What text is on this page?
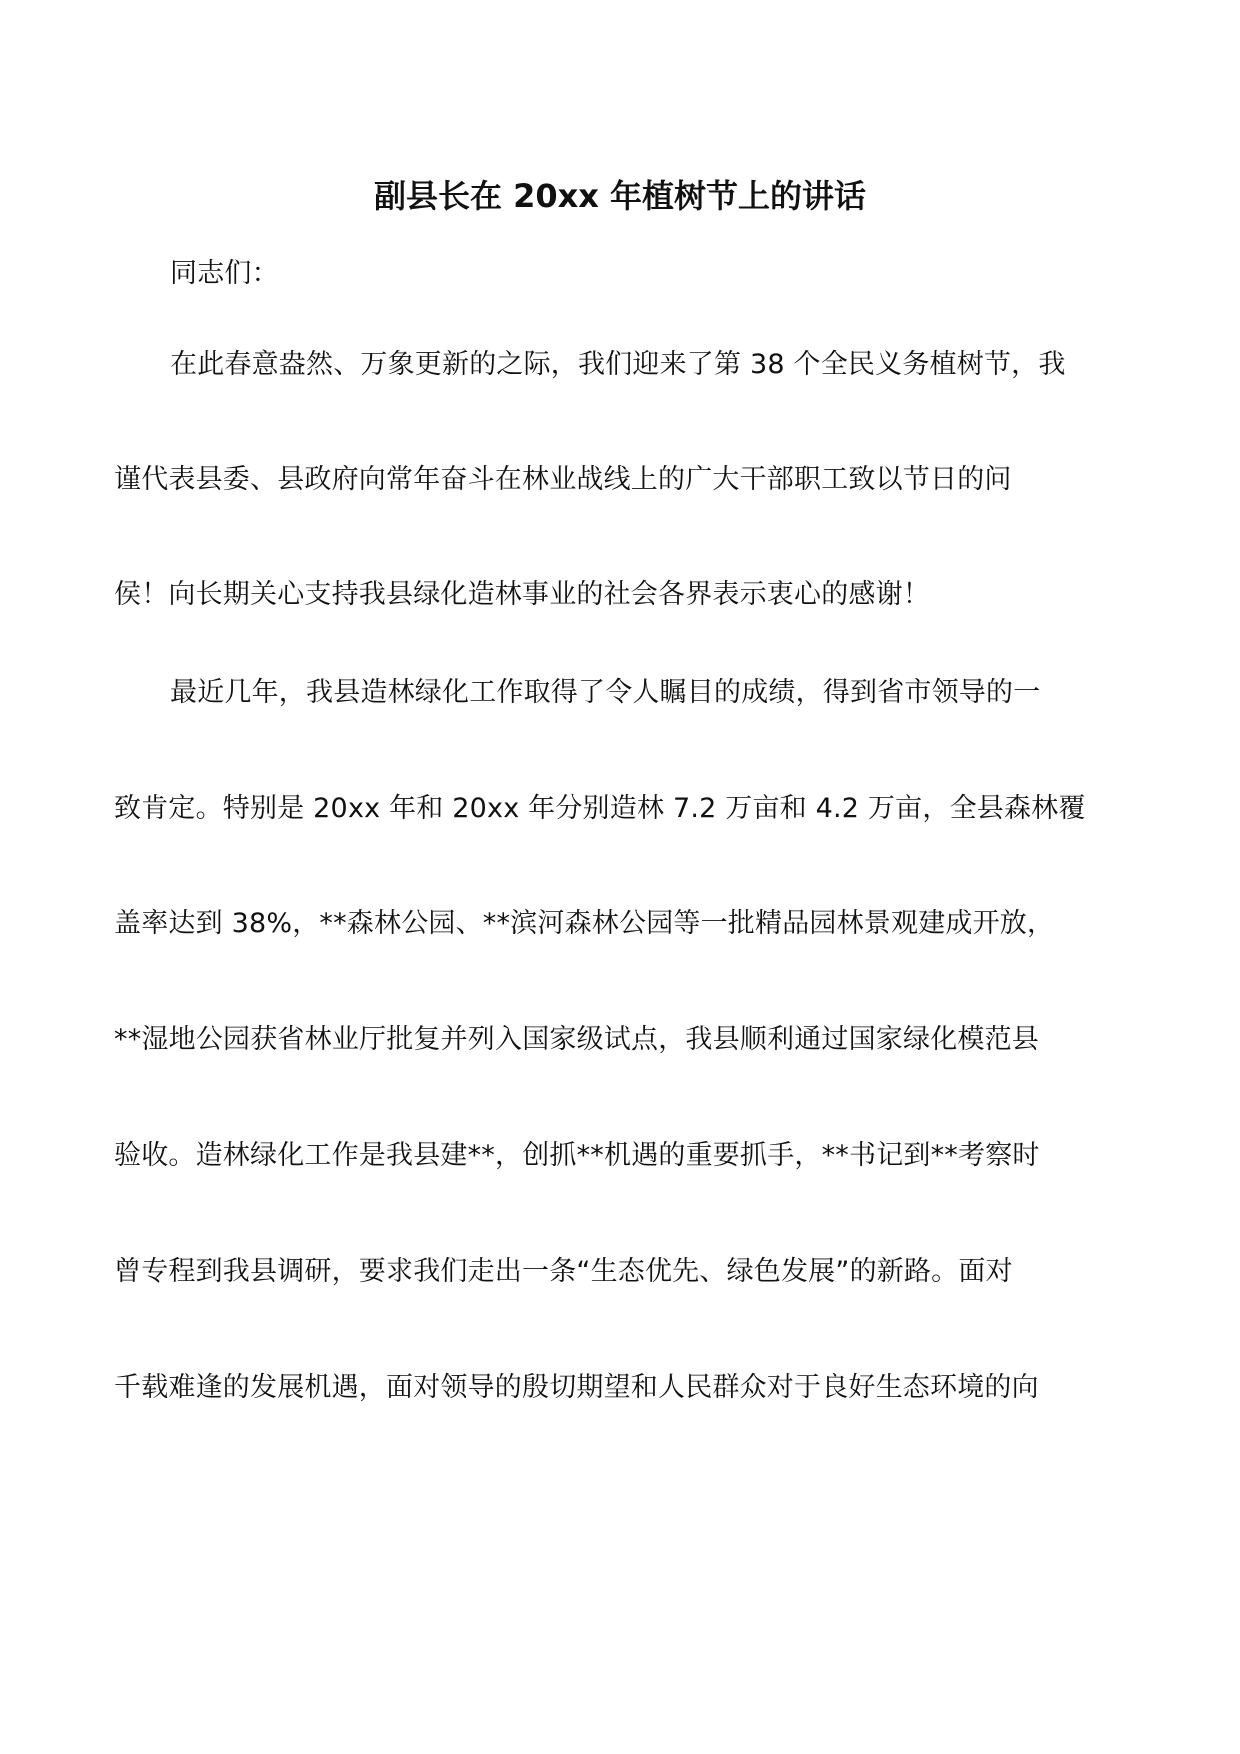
副县长在 20xx 年植树节上的讲话
同志们：
在此春意盎然、万象更新的之际，我们迎来了第 38 个全民义务植树节，我
谨代表县委、县政府向常年奋斗在林业战线上的广大干部职工致以节日的问
侯！向长期关心支持我县绿化造林事业的社会各界表示衷心的感谢！
最近几年，我县造林绿化工作取得了令人瞩目的成绩，得到省市领导的一
致肯定。特别是 20xx 年和 20xx 年分别造林 7.2 万亩和 4.2 万亩，全县森林覆
盖率达到 38%，**森林公园、**滨河森林公园等一批精品园林景观建成开放，
**湿地公园获省林业厅批复并列入国家级试点，我县顺利通过国家绿化模范县
验收。造林绿化工作是我县建**，创抓**机遇的重要抓手，**书记到**考察时
曾专程到我县调研，要求我们走出一条“生态优先、绿色发展”的新路。面对
千载难逢的发展机遇，面对领导的殷切期望和人民群众对于良好生态环境的向
